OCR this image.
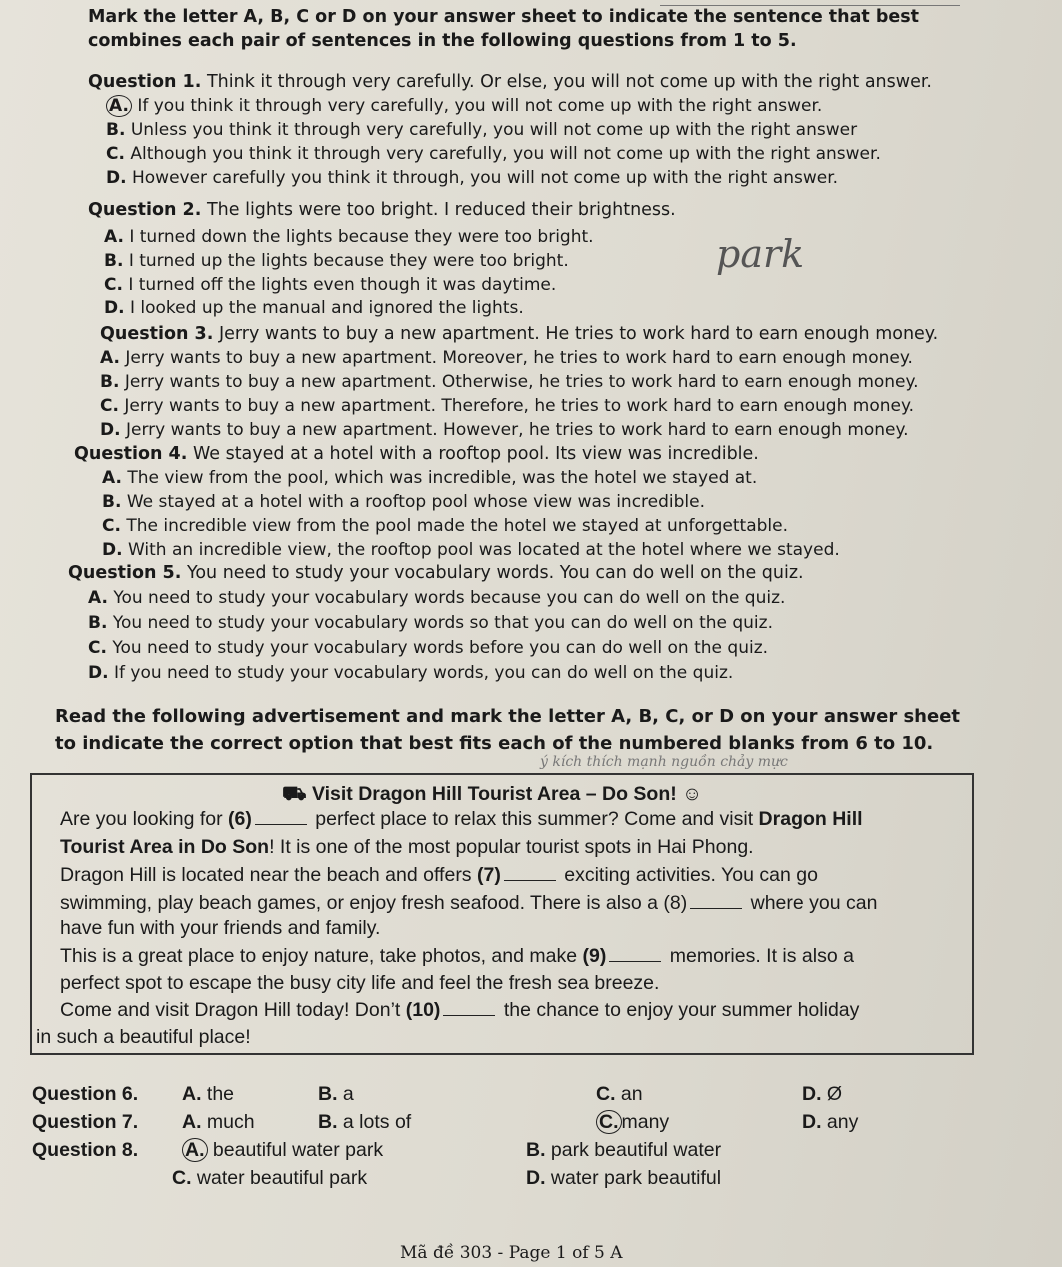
Mark the letter A, B, C or D on your answer sheet to indicate the sentence that best
combines each pair of sentences in the following questions from 1 to 5.
Question 1. Think it through very carefully. Or else, you will not come up with the right answer.
A. If you think it through very carefully, you will not come up with the right answer.
B. Unless you think it through very carefully, you will not come up with the right answer
C. Although you think it through very carefully, you will not come up with the right answer.
D. However carefully you think it through, you will not come up with the right answer.
Question 2. The lights were too bright. I reduced their brightness.
A. I turned down the lights because they were too bright.
B. I turned up the lights because they were too bright.
C. I turned off the lights even though it was daytime.
D. I looked up the manual and ignored the lights.
park
Question 3. Jerry wants to buy a new apartment. He tries to work hard to earn enough money.
A. Jerry wants to buy a new apartment. Moreover, he tries to work hard to earn enough money.
B. Jerry wants to buy a new apartment. Otherwise, he tries to work hard to earn enough money.
C. Jerry wants to buy a new apartment. Therefore, he tries to work hard to earn enough money.
D. Jerry wants to buy a new apartment. However, he tries to work hard to earn enough money.
Question 4. We stayed at a hotel with a rooftop pool. Its view was incredible.
A. The view from the pool, which was incredible, was the hotel we stayed at.
B. We stayed at a hotel with a rooftop pool whose view was incredible.
C. The incredible view from the pool made the hotel we stayed at unforgettable.
D. With an incredible view, the rooftop pool was located at the hotel where we stayed.
Question 5. You need to study your vocabulary words. You can do well on the quiz.
A. You need to study your vocabulary words because you can do well on the quiz.
B. You need to study your vocabulary words so that you can do well on the quiz.
C. You need to study your vocabulary words before you can do well on the quiz.
D. If you need to study your vocabulary words, you can do well on the quiz.
Read the following advertisement and mark the letter A, B, C, or D on your answer sheet
to indicate the correct option that best fits each of the numbered blanks from 6 to 10.
ý kích thích mạnh nguồn chảy mực
⛟ Visit Dragon Hill Tourist Area – Do Son! ☺
Are you looking for (6)	perfect place to relax this summer? Come and visit Dragon Hill
Tourist Area in Do Son! It is one of the most popular tourist spots in Hai Phong.
Dragon Hill is located near the beach and offers (7)	exciting activities. You can go
swimming, play beach games, or enjoy fresh seafood. There is also a (8)	where you can
have fun with your friends and family.
This is a great place to enjoy nature, take photos, and make (9)	memories. It is also a
perfect spot to escape the busy city life and feel the fresh sea breeze.
Come and visit Dragon Hill today! Don’t (10)	the chance to enjoy your summer holiday
in such a beautiful place!
Question 6. A. the	B. a	C. an	D. Ø
Question 7. A. much	B. a lots of	C. many	D. any
Question 8. A. beautiful water park	B. park beautiful water
C. water beautiful park	D. water park beautiful
Mã đề 303 - Page 1 of 5 A
